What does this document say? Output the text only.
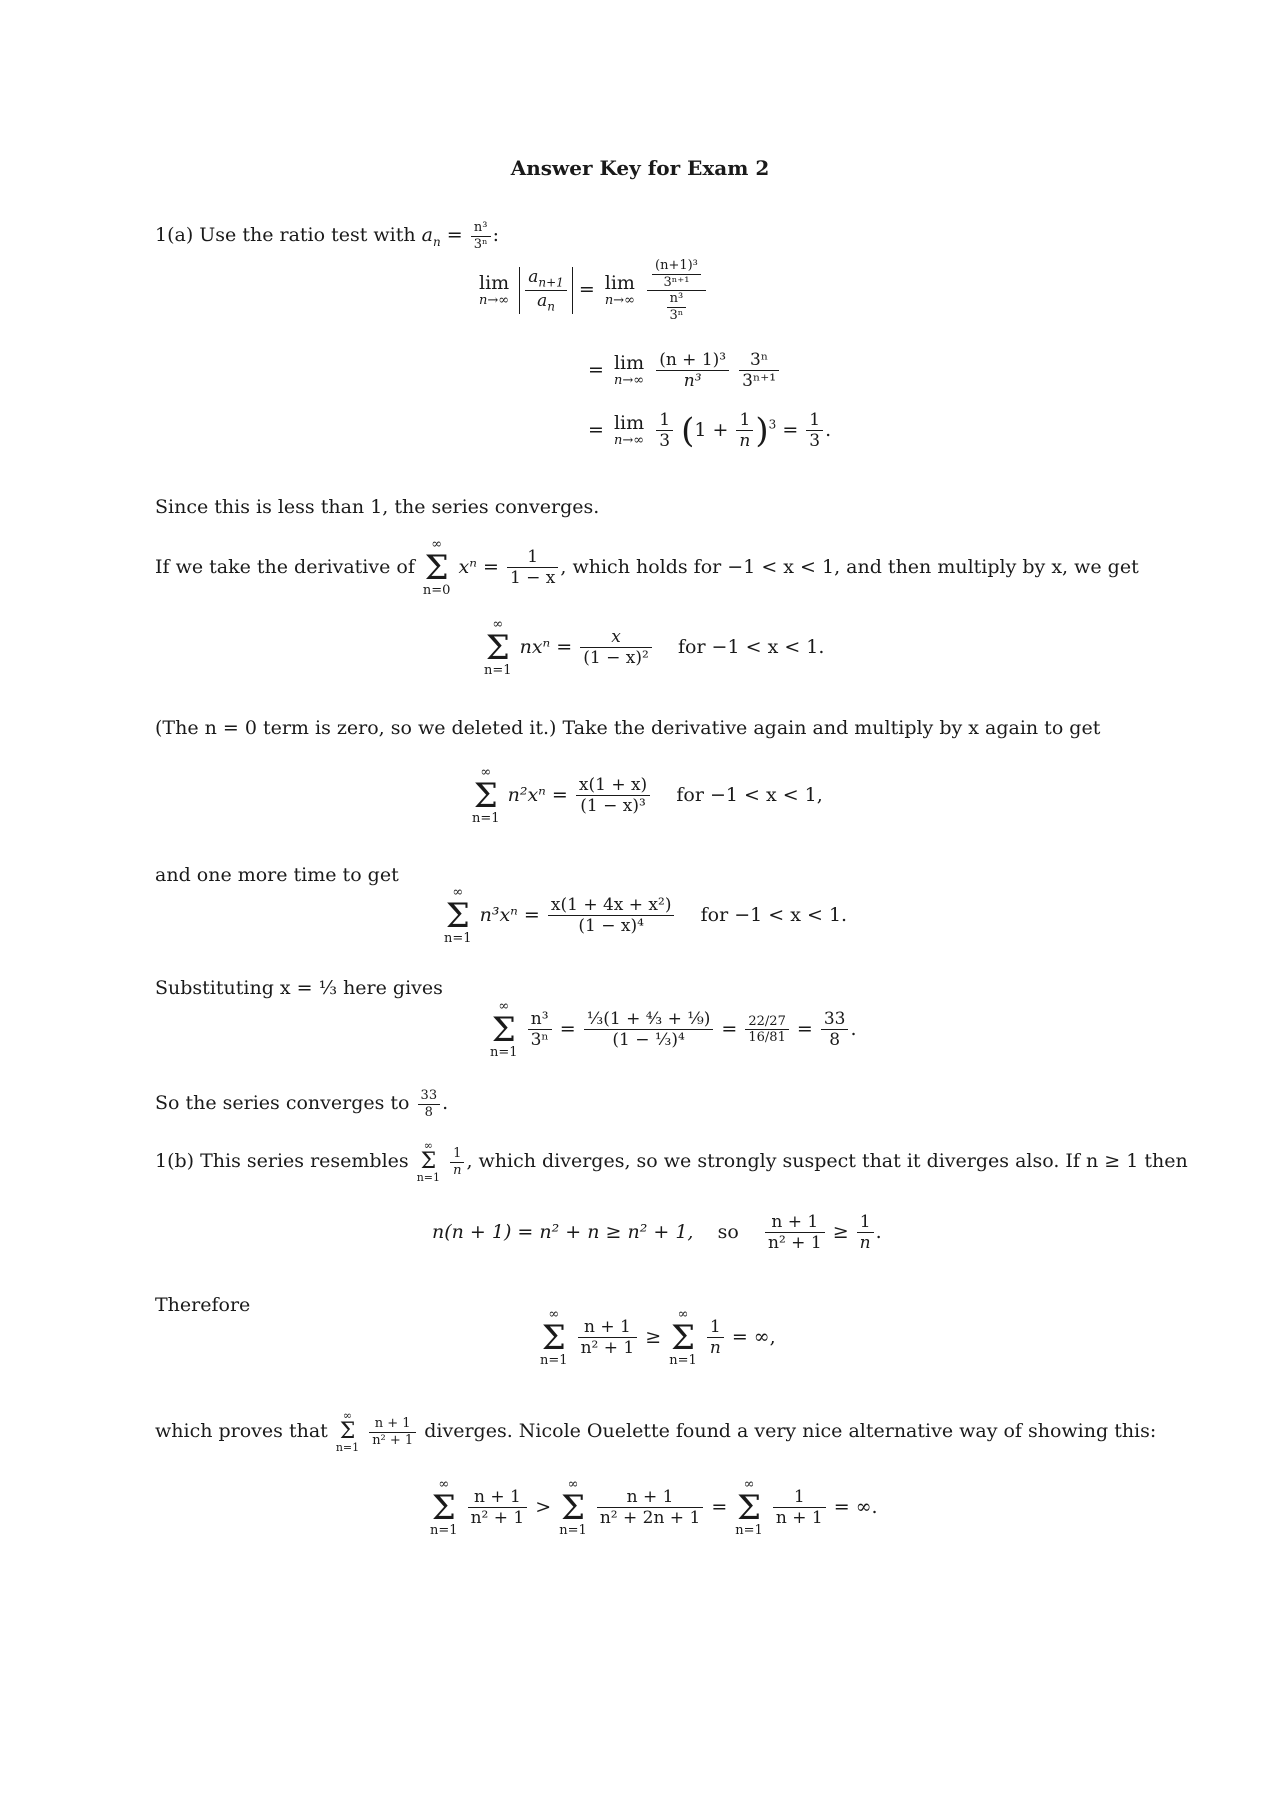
Answer Key for Exam 2
1(a) Use the ratio test with $a_n = \frac{\text{n³}}{\text{3ⁿ}}$ :
lim
n→∞
$\frac{a_{n+1}}{a_n} = \lim$
n→∞
$\frac{\frac{\text{(n+1)³}}{\text{3ⁿ⁺¹}}}{\frac{\text{n³}}{\text{3ⁿ}}}$
= lim
n→∞
$\frac{\text{(n + 1)³}}{\text{n³}}$
$\frac{\text{3ⁿ}}{\text{3ⁿ⁺¹}}$
= lim
n→∞
$\frac{1}{3} (1 + \frac{1}{n} )^3 = \frac{1}{3}$ .
Since this is less than 1, the series converges.
If we take the derivative of
∞
Σ
n=0
$x^n = \frac{1}{1 - x}$ , which holds for −1 < x < 1, and then multiply by x, we get
∞
Σ
n=1
$nx^n = \frac{x}{\text{(1 − x)²}}$ for −1 < x < 1.
(The n = 0 term is zero, so we deleted it.) Take the derivative again and multiply by x again to get
∞
Σ
n=1
$n^2x^n = \frac{x(1 + x)}{\text{(1 − x)³}}$ for −1 < x < 1,
and one more time to get
∞
Σ
n=1
$n^3x^n = \frac{\text{x(1 + 4x + x²)}}{\text{(1 − x)⁴}}$ for −1 < x < 1.
Substituting x = ⅓ here gives
∞
Σ
n=1

$\frac{\text{n³}}{\text{3ⁿ}} = \frac{\text{⅓(1 + ⁴⁄₃ + ⅑)}}{\text{(1 − ⅓)⁴}} = \frac{22/27}{16/81} = \frac{33}{8}$ .
So the series converges to $\frac{33}{8}$ .
1(b) This series resembles
∞
Σ
n=1
$\frac{1}{n}$ , which diverges, so we strongly suspect that it diverges also. If n ≥ 1 then
n(n + 1) = n² + n ≥ n² + 1, so $\frac{n + 1}{\text{n² + 1}} \ge \frac{1}{n}$ .
Therefore	∞
Σ
n=1

$\frac{n + 1}{\text{n² + 1}}$ ≥
∞
Σ
n=1

$\frac{1}{n}$ = ∞,
which proves that
∞
Σ
n=1
$\frac{n + 1}{\text{n² + 1}}$ diverges. Nicole Ouelette found a very nice alternative way of showing this:
∞
Σ
n=1

$\frac{n + 1}{\text{n² + 1}}$ >
∞
Σ
n=1

$\frac{n + 1}{\text{n² + 2n + 1}}$ =
∞
Σ
n=1

$\frac{1}{n + 1}$ = ∞.
